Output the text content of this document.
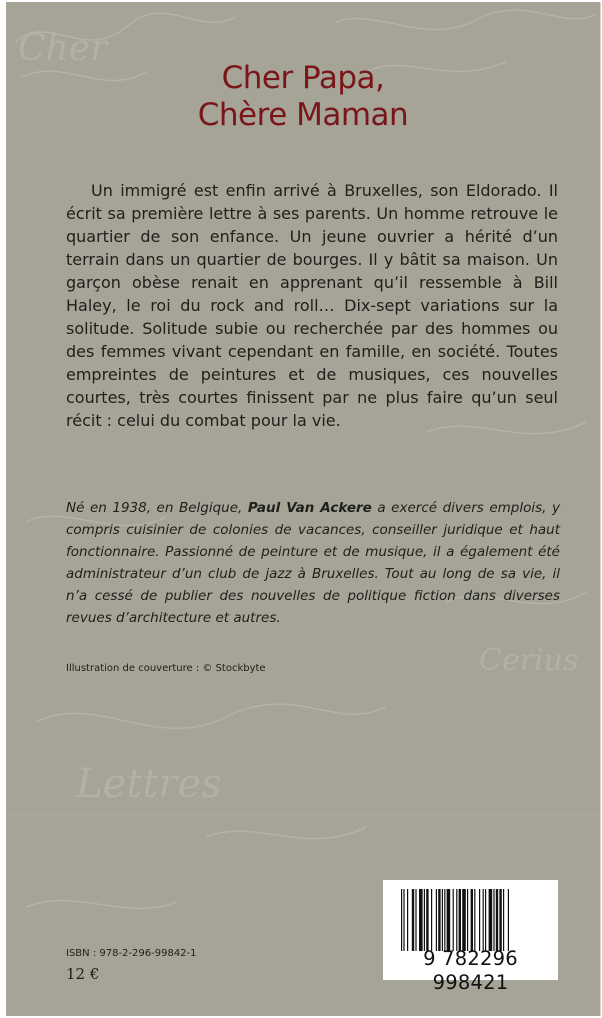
Cerius
Lettres
Cher
Cher Papa,
Chère Maman

Un immigré est enfin arrivé à Bruxelles, son Eldorado. Il écrit sa première lettre à ses parents. Un homme retrouve le quartier de son enfance. Un jeune ouvrier a hérité d’un terrain dans un quartier de bourges. Il y bâtit sa maison. Un garçon obèse renait en apprenant qu’il ressemble à Bill Haley, le roi du rock and roll… Dix-sept variations sur la solitude. Solitude subie ou recherchée par des hommes ou des femmes vivant cependant en famille, en société. Toutes empreintes de peintures et de musiques, ces nouvelles courtes, très courtes finissent par ne plus faire qu’un seul récit : celui du combat pour la vie.

Né en 1938, en Belgique, Paul Van Ackere a exercé divers emplois, y compris cuisinier de colonies de vacances, conseiller juridique et haut fonctionnaire. Passionné de peinture et de musique, il a également été administrateur d’un club de jazz à Bruxelles. Tout au long de sa vie, il n’a cessé de publier des nouvelles de politique fiction dans diverses revues d’architecture et autres.

Illustration de couverture : © Stockbyte
ISBN : 978-2-296-99842-1
12 €
9 782296 998421
